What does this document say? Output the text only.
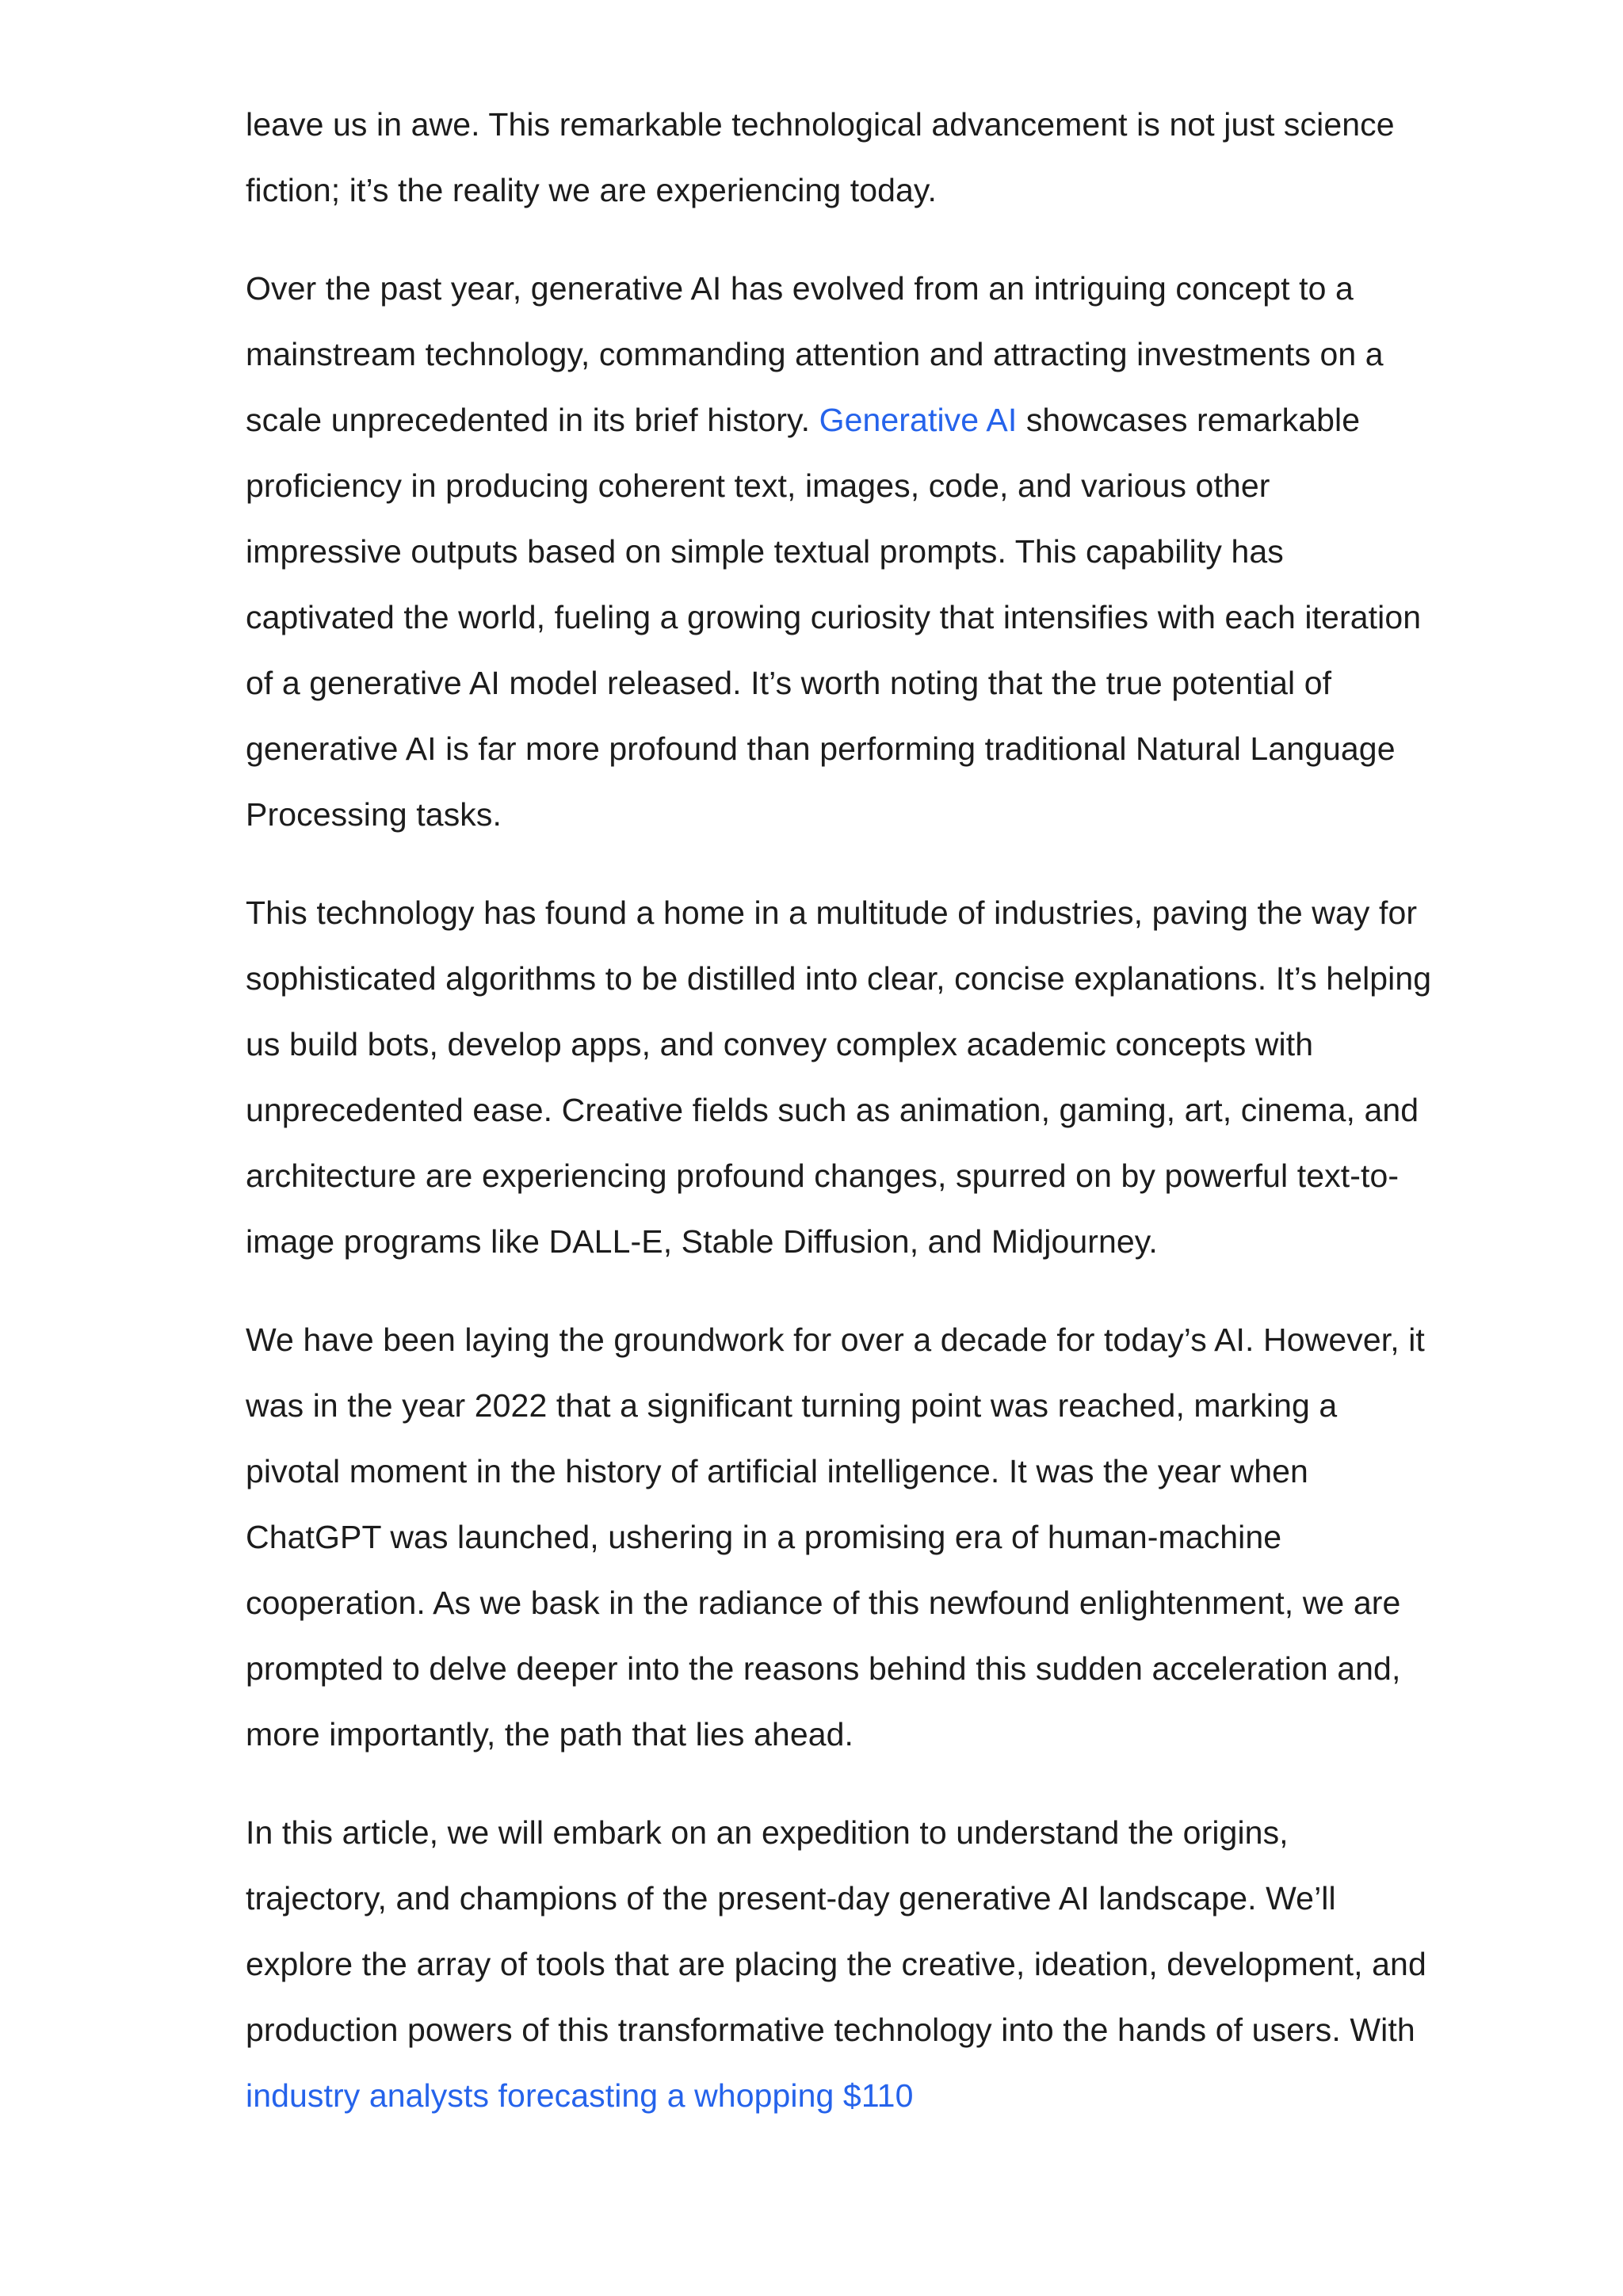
leave us in awe. This remarkable technological advancement is not just science fiction; it’s the reality we are experiencing today.

Over the past year, generative AI has evolved from an intriguing concept to a mainstream technology, commanding attention and attracting investments on a scale unprecedented in its brief history. Generative AI showcases remarkable proficiency in producing coherent text, images, code, and various other impressive outputs based on simple textual prompts. This capability has captivated the world, fueling a growing curiosity that intensifies with each iteration of a generative AI model released. It’s worth noting that the true potential of generative AI is far more profound than performing traditional Natural Language Processing tasks.

This technology has found a home in a multitude of industries, paving the way for sophisticated algorithms to be distilled into clear, concise explanations. It’s helping us build bots, develop apps, and convey complex academic concepts with unprecedented ease. Creative fields such as animation, gaming, art, cinema, and architecture are experiencing profound changes, spurred on by powerful text-to-image programs like DALL-E, Stable Diffusion, and Midjourney.

We have been laying the groundwork for over a decade for today’s AI. However, it was in the year 2022 that a significant turning point was reached, marking a pivotal moment in the history of artificial intelligence. It was the year when ChatGPT was launched, ushering in a promising era of human-machine cooperation. As we bask in the radiance of this newfound enlightenment, we are prompted to delve deeper into the reasons behind this sudden acceleration and, more importantly, the path that lies ahead.

In this article, we will embark on an expedition to understand the origins, trajectory, and champions of the present-day generative AI landscape. We’ll explore the array of tools that are placing the creative, ideation, development, and production powers of this transformative technology into the hands of users. With industry analysts forecasting a whopping $110
